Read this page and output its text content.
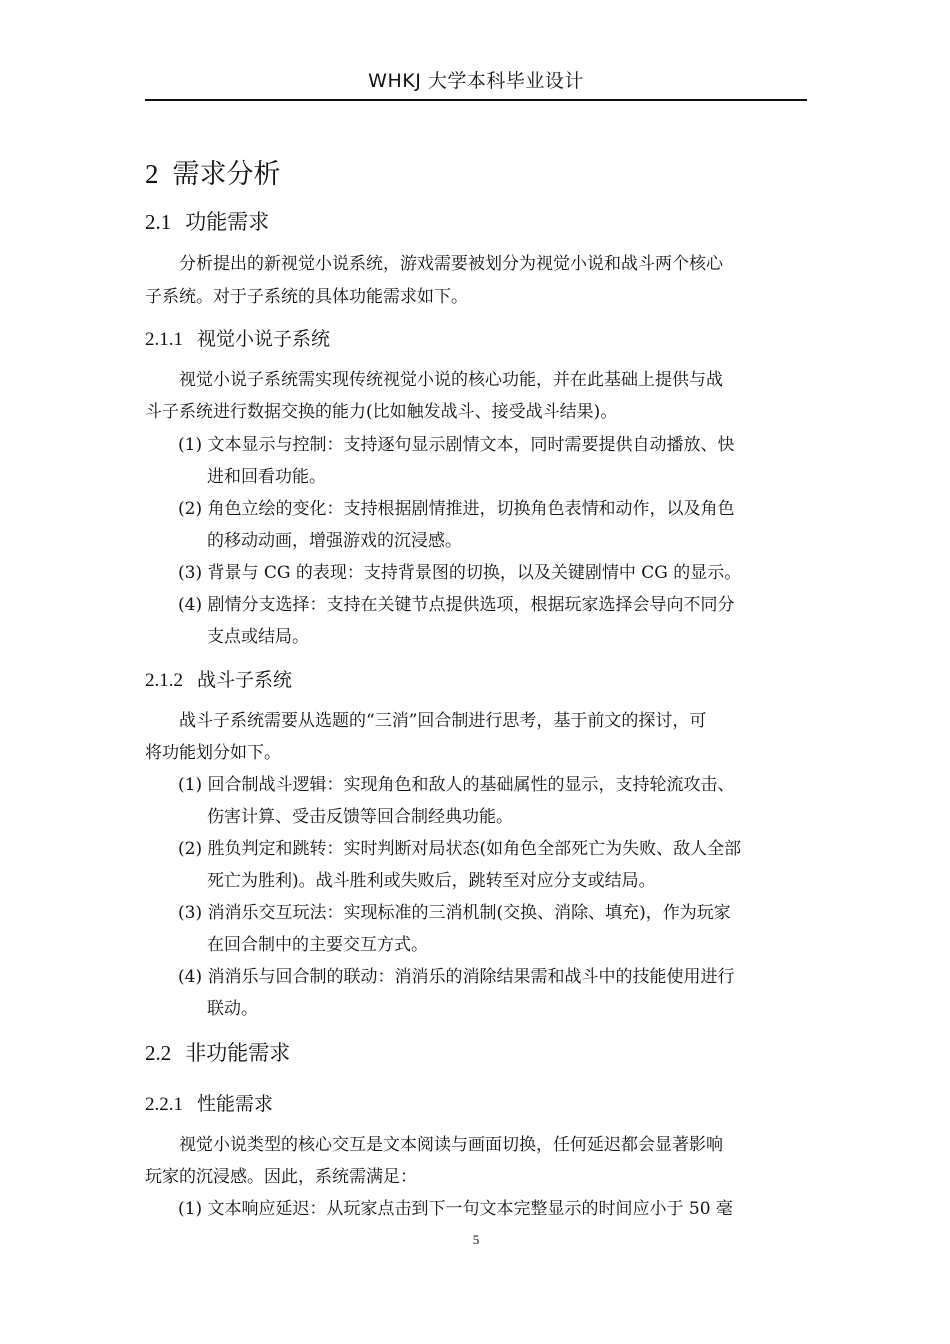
WHKJ 大学本科毕业设计
2 需求分析
2.1 功能需求
分析提出的新视觉小说系统，游戏需要被划分为视觉小说和战斗两个核心
子系统。对于子系统的具体功能需求如下。
2.1.1 视觉小说子系统
视觉小说子系统需实现传统视觉小说的核心功能，并在此基础上提供与战
斗子系统进行数据交换的能力(比如触发战斗、接受战斗结果)。
(1) 文本显示与控制：支持逐句显示剧情文本，同时需要提供自动播放、快
进和回看功能。
(2) 角色立绘的变化：支持根据剧情推进，切换角色表情和动作，以及角色
的移动动画，增强游戏的沉浸感。
(3) 背景与 CG 的表现：支持背景图的切换，以及关键剧情中 CG 的显示。
(4) 剧情分支选择：支持在关键节点提供选项，根据玩家选择会导向不同分
支点或结局。
2.1.2 战斗子系统
战斗子系统需要从选题的“三消”回合制进行思考，基于前文的探讨，可
将功能划分如下。
(1) 回合制战斗逻辑：实现角色和敌人的基础属性的显示，支持轮流攻击、
伤害计算、受击反馈等回合制经典功能。
(2) 胜负判定和跳转：实时判断对局状态(如角色全部死亡为失败、敌人全部
死亡为胜利)。战斗胜利或失败后，跳转至对应分支或结局。
(3) 消消乐交互玩法：实现标准的三消机制(交换、消除、填充)，作为玩家
在回合制中的主要交互方式。
(4) 消消乐与回合制的联动：消消乐的消除结果需和战斗中的技能使用进行
联动。
2.2 非功能需求
2.2.1 性能需求
视觉小说类型的核心交互是文本阅读与画面切换，任何延迟都会显著影响
玩家的沉浸感。因此，系统需满足：
(1) 文本响应延迟：从玩家点击到下一句文本完整显示的时间应小于 50 毫
5
